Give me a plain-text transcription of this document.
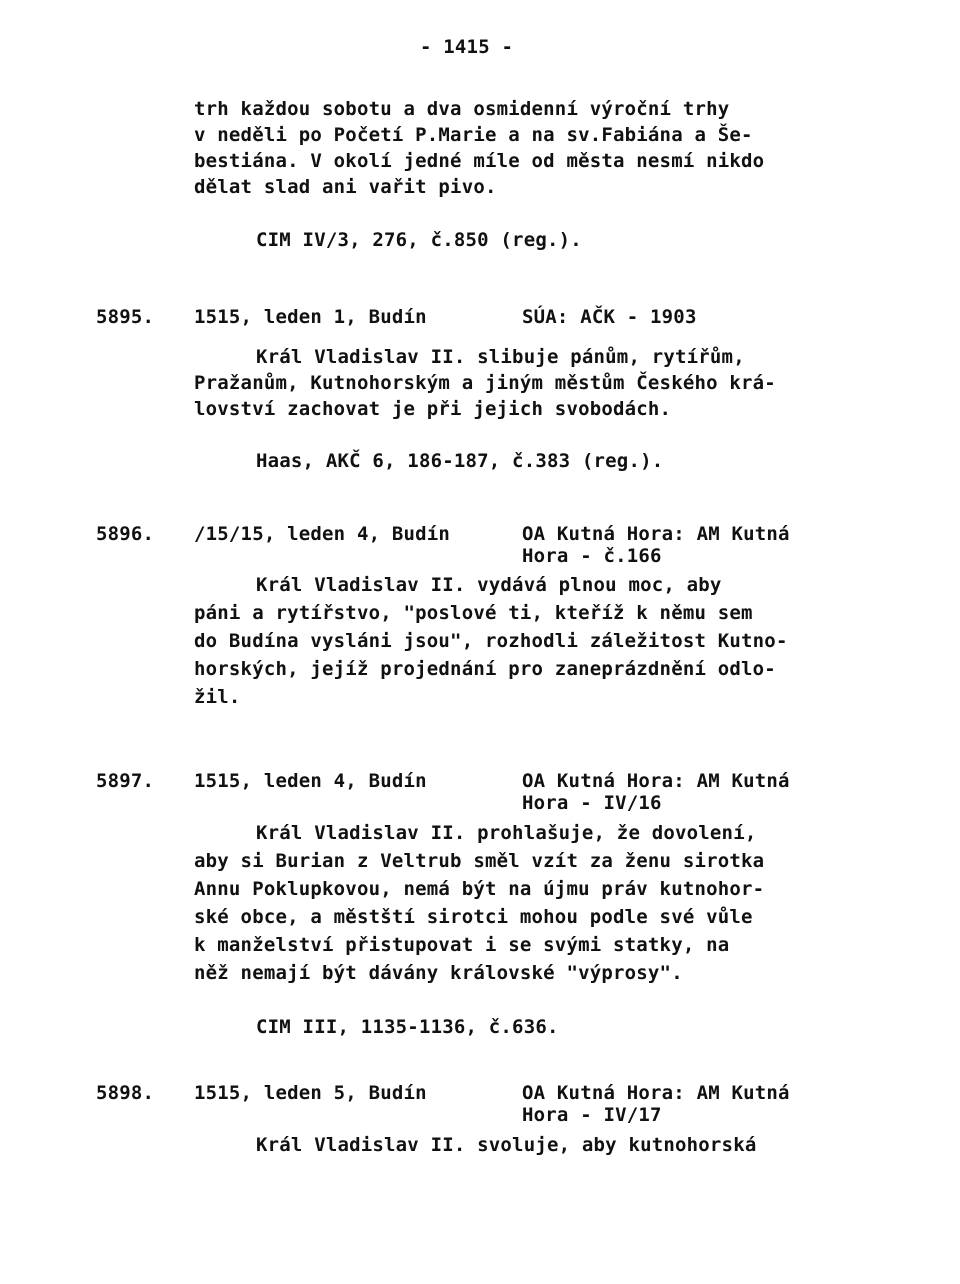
- 1415 -
trh každou sobotu a dva osmidenní výroční trhy
v neděli po Početí P.Marie a na sv.Fabiána a Še-
bestiána. V okolí jedné míle od města nesmí nikdo
dělat slad ani vařit pivo.
CIM IV/3, 276, č.850 (reg.).
5895. 1515, leden 1, Budín	SÚA: AČK - 1903
Král Vladislav II. slibuje pánům, rytířům,
Pražanům, Kutnohorským a jiným městům Českého krá-
lovství zachovat je při jejich svobodách.
Haas, AKČ 6, 186-187, č.383 (reg.).
5896. /15/15, leden 4, Budín	OA Kutná Hora: AM Kutná
Hora - č.166
Král Vladislav II. vydává plnou moc, aby
páni a rytířstvo, "poslové ti, kteříž k němu sem
do Budína vysláni jsou", rozhodli záležitost Kutno-
horských, jejíž projednání pro zaneprázdnění odlo-
žil.
5897. 1515, leden 4, Budín	OA Kutná Hora: AM Kutná
Hora - IV/16
Král Vladislav II. prohlašuje, že dovolení,
aby si Burian z Veltrub směl vzít za ženu sirotka
Annu Poklupkovou, nemá být na újmu práv kutnohor-
ské obce, a městští sirotci mohou podle své vůle
k manželství přistupovat i se svými statky, na
něž nemají být dávány královské "výprosy".
CIM III, 1135-1136, č.636.
5898. 1515, leden 5, Budín	OA Kutná Hora: AM Kutná
Hora - IV/17
Král Vladislav II. svoluje, aby kutnohorská
